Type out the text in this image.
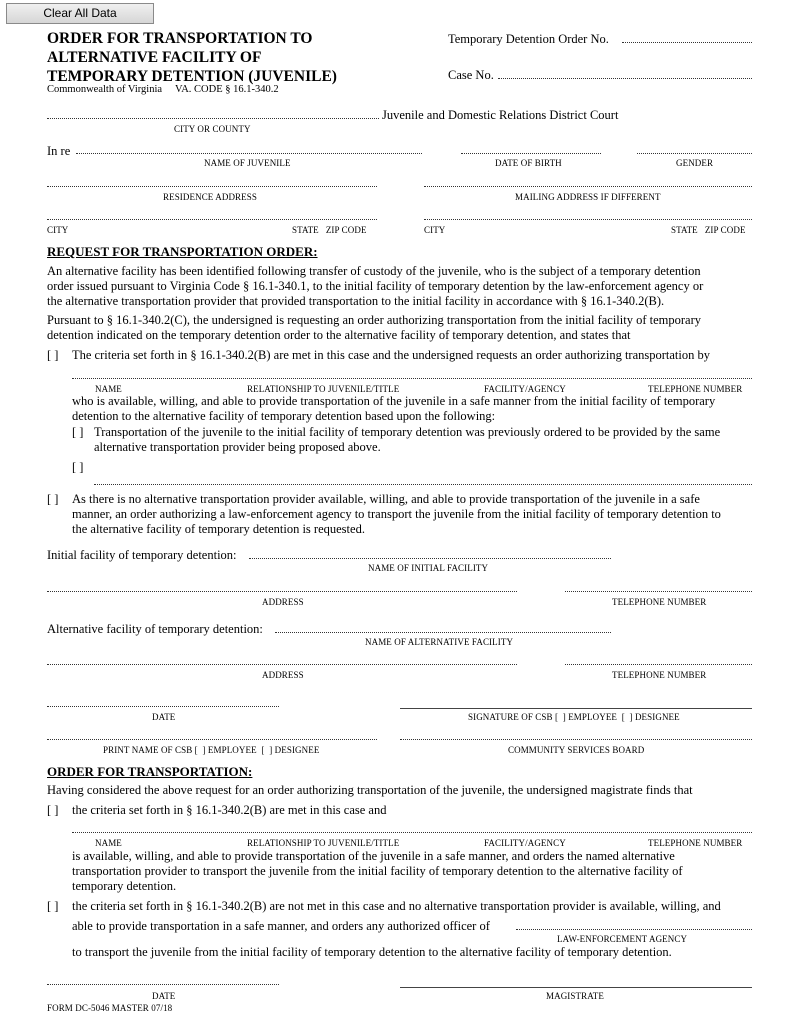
Clear All Data
ORDER FOR TRANSPORTATION TO
ALTERNATIVE FACILITY OF
TEMPORARY DETENTION (JUVENILE)
Commonwealth of Virginia     VA. CODE § 16.1-340.2
Temporary Detention Order No.
Case No.
Juvenile and Domestic Relations District Court
CITY OR COUNTY
In re
NAME OF JUVENILE	DATE OF BIRTH	GENDER
RESIDENCE ADDRESS	MAILING ADDRESS IF DIFFERENT
CITY	STATE   ZIP CODE	CITY	STATE   ZIP CODE
REQUEST FOR TRANSPORTATION ORDER:
An alternative facility has been identified following transfer of custody of the juvenile, who is the subject of a temporary detention
order issued pursuant to Virginia Code § 16.1-340.1, to the initial facility of temporary detention by the law-enforcement agency or
the alternative transportation provider that provided transportation to the initial facility in accordance with § 16.1-340.2(B).
Pursuant to § 16.1-340.2(C), the undersigned is requesting an order authorizing transportation from the initial facility of temporary
detention indicated on the temporary detention order to the alternative facility of temporary detention, and states that
[ ] The criteria set forth in § 16.1-340.2(B) are met in this case and the undersigned requests an order authorizing transportation by
NAME	RELATIONSHIP TO JUVENILE/TITLE	FACILITY/AGENCY	TELEPHONE NUMBER
who is available, willing, and able to provide transportation of the juvenile in a safe manner from the initial facility of temporary
detention to the alternative facility of temporary detention based upon the following:
[ ] Transportation of the juvenile to the initial facility of temporary detention was previously ordered to be provided by the same
alternative transportation provider being proposed above.
[ ]
[ ] As there is no alternative transportation provider available, willing, and able to provide transportation of the juvenile in a safe
manner, an order authorizing a law-enforcement agency to transport the juvenile from the initial facility of temporary detention to
the alternative facility of temporary detention is requested.
Initial facility of temporary detention:
NAME OF INITIAL FACILITY
ADDRESS	TELEPHONE NUMBER
Alternative facility of temporary detention:
NAME OF ALTERNATIVE FACILITY
ADDRESS	TELEPHONE NUMBER
DATE	SIGNATURE OF CSB [  ] EMPLOYEE  [  ] DESIGNEE
PRINT NAME OF CSB [  ] EMPLOYEE  [  ] DESIGNEE	COMMUNITY SERVICES BOARD
ORDER FOR TRANSPORTATION:
Having considered the above request for an order authorizing transportation of the juvenile, the undersigned magistrate finds that
[ ] the criteria set forth in § 16.1-340.2(B) are met in this case and
NAME	RELATIONSHIP TO JUVENILE/TITLE	FACILITY/AGENCY	TELEPHONE NUMBER
is available, willing, and able to provide transportation of the juvenile in a safe manner, and orders the named alternative
transportation provider to transport the juvenile from the initial facility of temporary detention to the alternative facility of
temporary detention.
[ ] the criteria set forth in § 16.1-340.2(B) are not met in this case and no alternative transportation provider is available, willing, and
able to provide transportation in a safe manner, and orders any authorized officer of
LAW-ENFORCEMENT AGENCY
to transport the juvenile from the initial facility of temporary detention to the alternative facility of temporary detention.
DATE	MAGISTRATE
FORM DC-5046 MASTER 07/18
